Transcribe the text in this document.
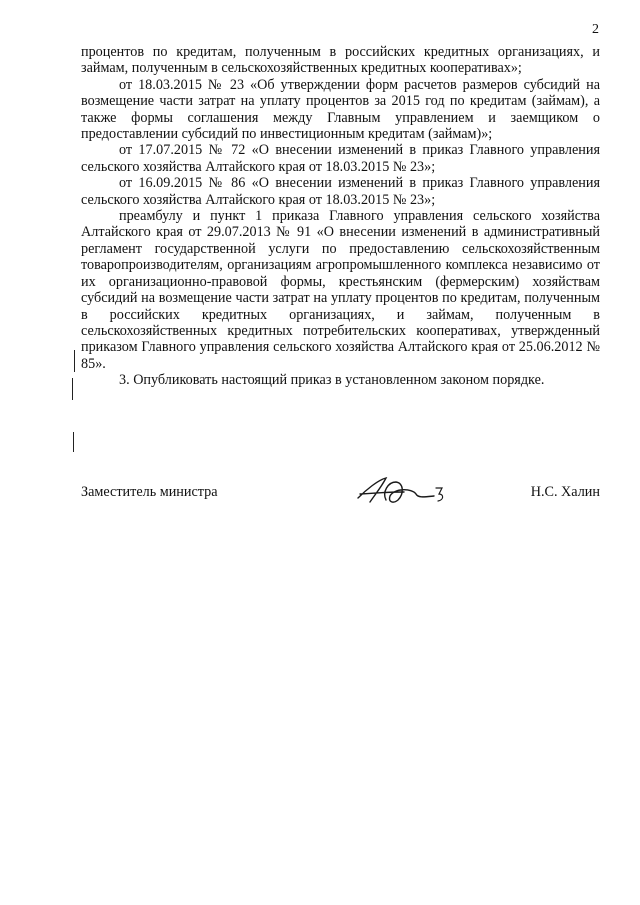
2

процентов по кредитам, полученным в российских кредитных организациях, и займам, полученным в сельскохозяйственных кредитных кооперативах»;

от 18.03.2015 № 23 «Об утверждении форм расчетов размеров субсидий на возмещение части затрат на уплату процентов за 2015 год по кредитам (займам), а также формы соглашения между Главным управлением и заемщиком о предоставлении субсидий по инвестиционным кредитам (займам)»;

от 17.07.2015 № 72 «О внесении изменений в приказ Главного управления сельского хозяйства Алтайского края от 18.03.2015 № 23»;

от 16.09.2015 № 86 «О внесении изменений в приказ Главного управления сельского хозяйства Алтайского края от 18.03.2015 № 23»;

преамбулу и пункт 1 приказа Главного управления сельского хозяйства Алтайского края от 29.07.2013 № 91 «О внесении изменений в административный регламент государственной услуги по предоставлению сельскохозяйственным товаропроизводителям, организациям агропромышленного комплекса независимо от их организационно-правовой формы, крестьянским (фермерским) хозяйствам субсидий на возмещение части затрат на уплату процентов по кредитам, полученным в российских кредитных организациях, и займам, полученным в сельскохозяйственных кредитных потребительских кооперативах, утвержденный приказом Главного управления сельского хозяйства Алтайского края от 25.06.2012 № 85».

3. Опубликовать настоящий приказ в установленном законом порядке.

Заместитель министра	Н.С. Халин
